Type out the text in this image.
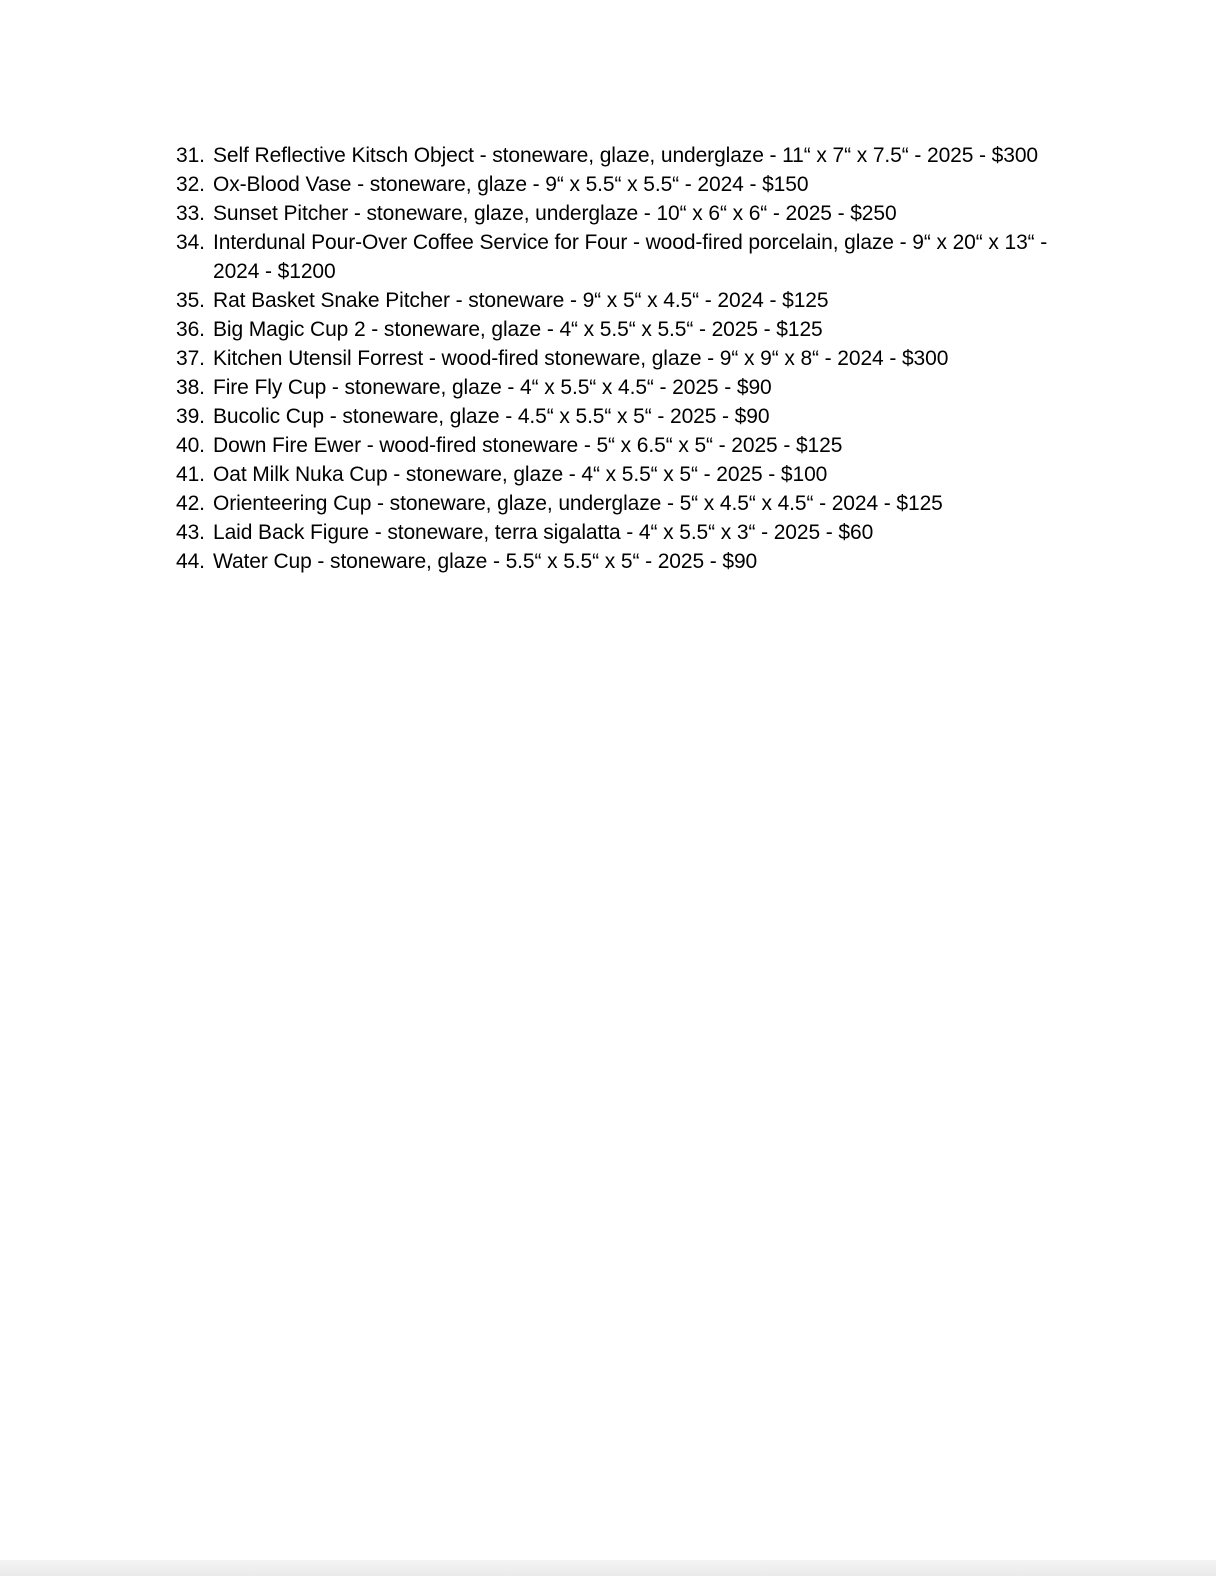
31. Self Reflective Kitsch Object - stoneware, glaze, underglaze - 11“ x 7“ x 7.5“ - 2025 - $300
32. Ox-Blood Vase - stoneware, glaze - 9“ x 5.5“ x 5.5“ - 2024 - $150
33. Sunset Pitcher - stoneware, glaze, underglaze - 10“ x 6“ x 6“ - 2025 - $250
34. Interdunal Pour-Over Coffee Service for Four - wood-fired porcelain, glaze - 9“ x 20“ x 13“ - 2024 - $1200
35. Rat Basket Snake Pitcher - stoneware - 9“ x 5“ x 4.5“ - 2024 - $125
36. Big Magic Cup 2 - stoneware, glaze - 4“ x 5.5“ x 5.5“ - 2025 - $125
37. Kitchen Utensil Forrest - wood-fired stoneware, glaze - 9“ x 9“ x 8“ - 2024 - $300
38. Fire Fly Cup - stoneware, glaze - 4“ x 5.5“ x 4.5“ - 2025 - $90
39. Bucolic Cup - stoneware, glaze - 4.5“ x 5.5“ x 5“ - 2025 - $90
40. Down Fire Ewer - wood-fired stoneware - 5“ x 6.5“ x 5“ - 2025 - $125
41. Oat Milk Nuka Cup - stoneware, glaze - 4“ x 5.5“ x 5“ - 2025 - $100
42. Orienteering Cup - stoneware, glaze, underglaze - 5“ x 4.5“ x 4.5“ - 2024 - $125
43. Laid Back Figure - stoneware, terra sigalatta - 4“ x 5.5“ x 3“ - 2025 - $60
44. Water Cup - stoneware, glaze - 5.5“ x 5.5“ x 5“ - 2025 - $90
